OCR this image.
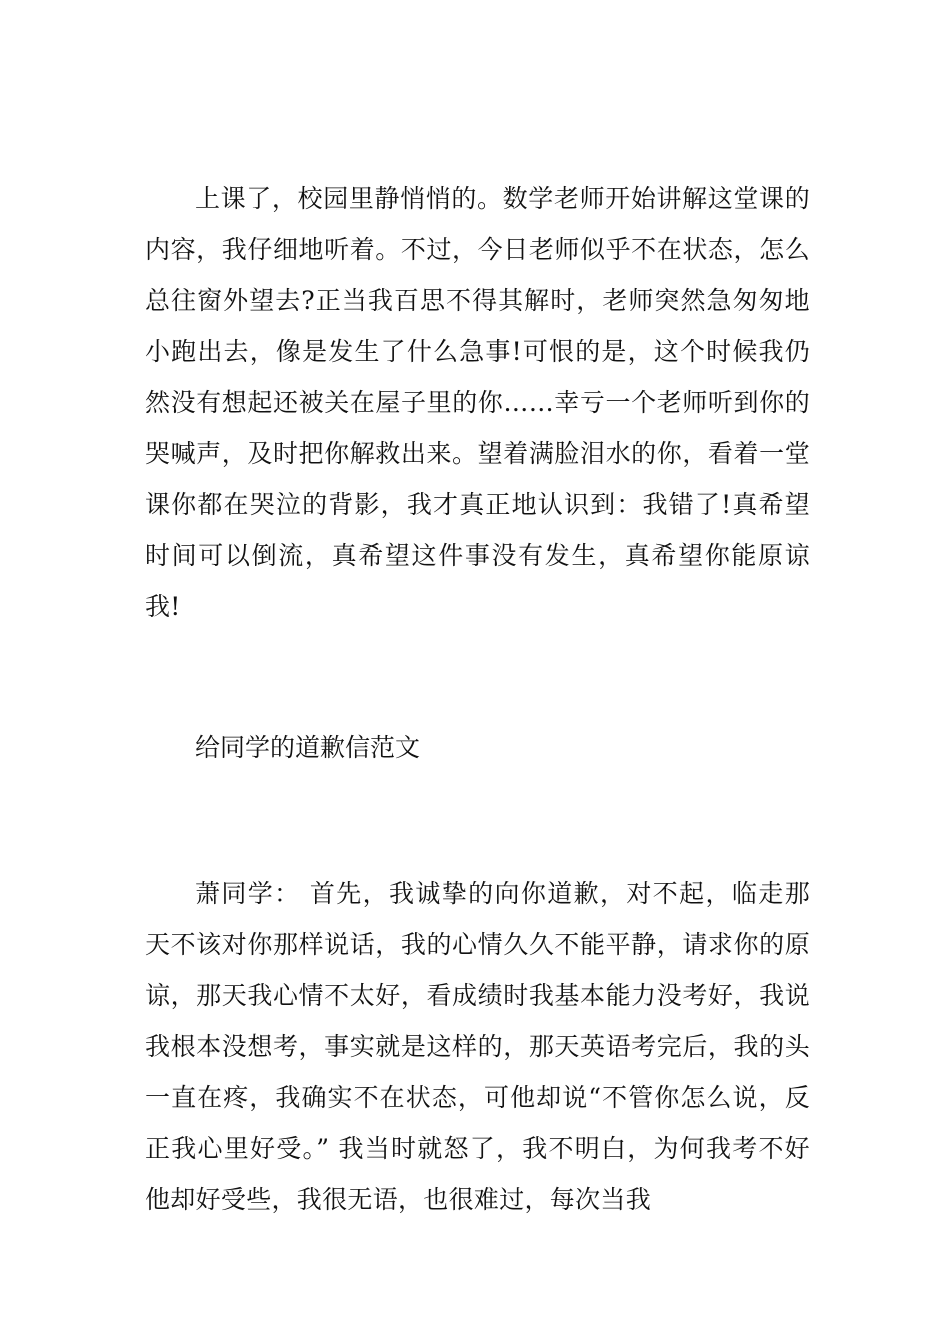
上课了，校园里静悄悄的。数学老师开始讲解这堂课的内容，我仔细地听着。不过，今日老师似乎不在状态，怎么总往窗外望去?正当我百思不得其解时，老师突然急匆匆地小跑出去，像是发生了什么急事!可恨的是，这个时候我仍然没有想起还被关在屋子里的你……幸亏一个老师听到你的哭喊声，及时把你解救出来。望着满脸泪水的你，看着一堂课你都在哭泣的背影，我才真正地认识到：我错了!真希望时间可以倒流，真希望这件事没有发生，真希望你能原谅我!

给同学的道歉信范文

萧同学： 首先，我诚挚的向你道歉，对不起，临走那天不该对你那样说话，我的心情久久不能平静，请求你的原谅，那天我心情不太好，看成绩时我基本能力没考好，我说我根本没想考，事实就是这样的，那天英语考完后，我的头一直在疼，我确实不在状态，可他却说“不管你怎么说，反正我心里好受。” 我当时就怒了，我不明白，为何我考不好他却好受些，我很无语，也很难过，每次当我
